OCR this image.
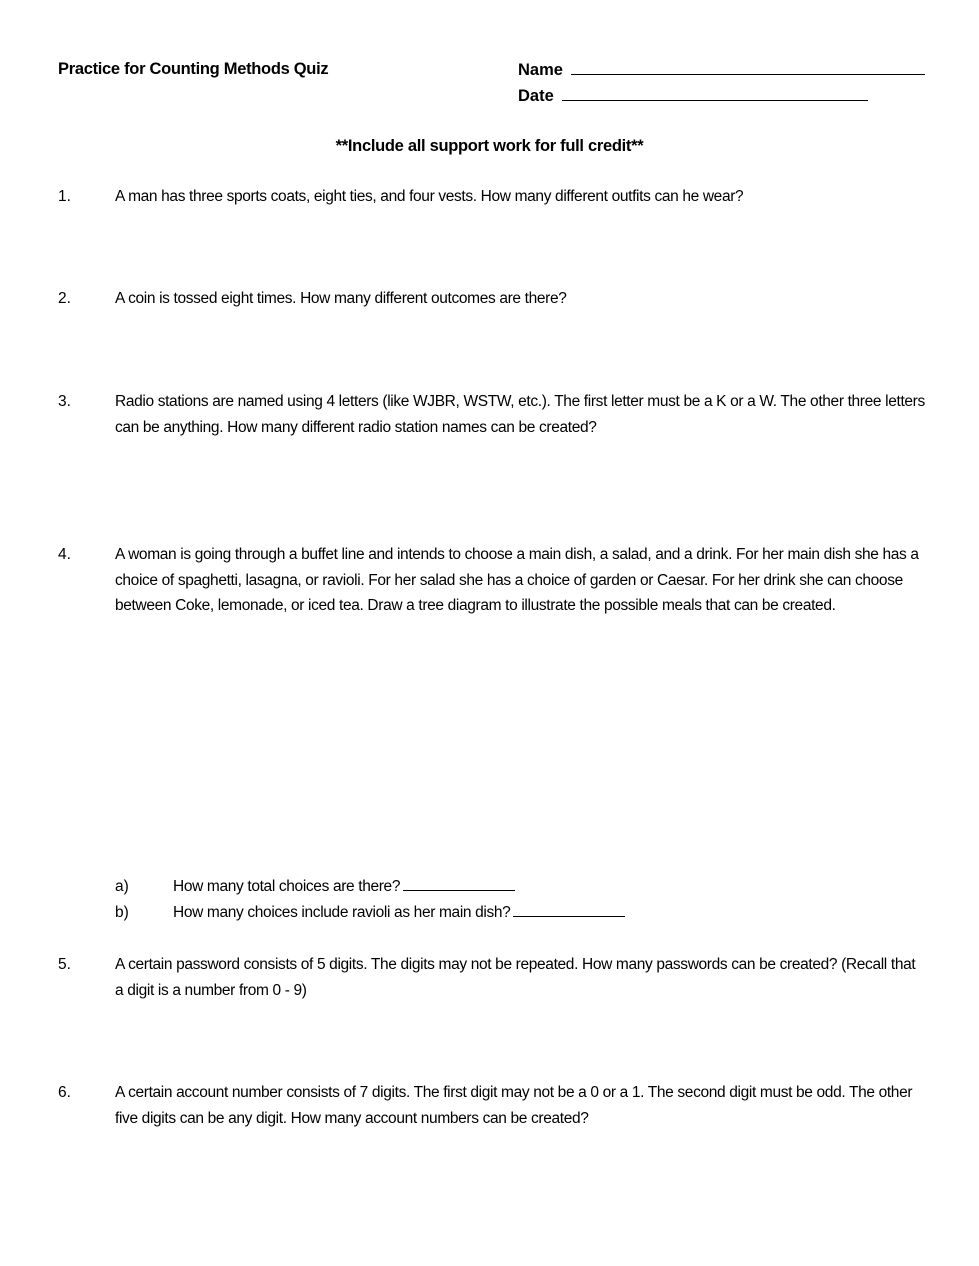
Practice for Counting Methods Quiz	Name
Date
**Include all support work for full credit**
1.	A man has three sports coats, eight ties, and four vests. How many different outfits can he wear?
2.	A coin is tossed eight times. How many different outcomes are there?
3.	Radio stations are named using 4 letters (like WJBR, WSTW, etc.). The first letter must be a K or a W. The other three letters can be anything. How many different radio station names can be created?
4.	A woman is going through a buffet line and intends to choose a main dish, a salad, and a drink. For her main dish she has a choice of spaghetti, lasagna, or ravioli. For her salad she has a choice of garden or Caesar. For her drink she can choose between Coke, lemonade, or iced tea. Draw a tree diagram to illustrate the possible meals that can be created.
a)	How many total choices are there?
b)	How many choices include ravioli as her main dish?
5.	A certain password consists of 5 digits. The digits may not be repeated. How many passwords can be created? (Recall that a digit is a number from 0 - 9)
6.	A certain account number consists of 7 digits. The first digit may not be a 0 or a 1. The second digit must be odd. The other five digits can be any digit. How many account numbers can be created?
